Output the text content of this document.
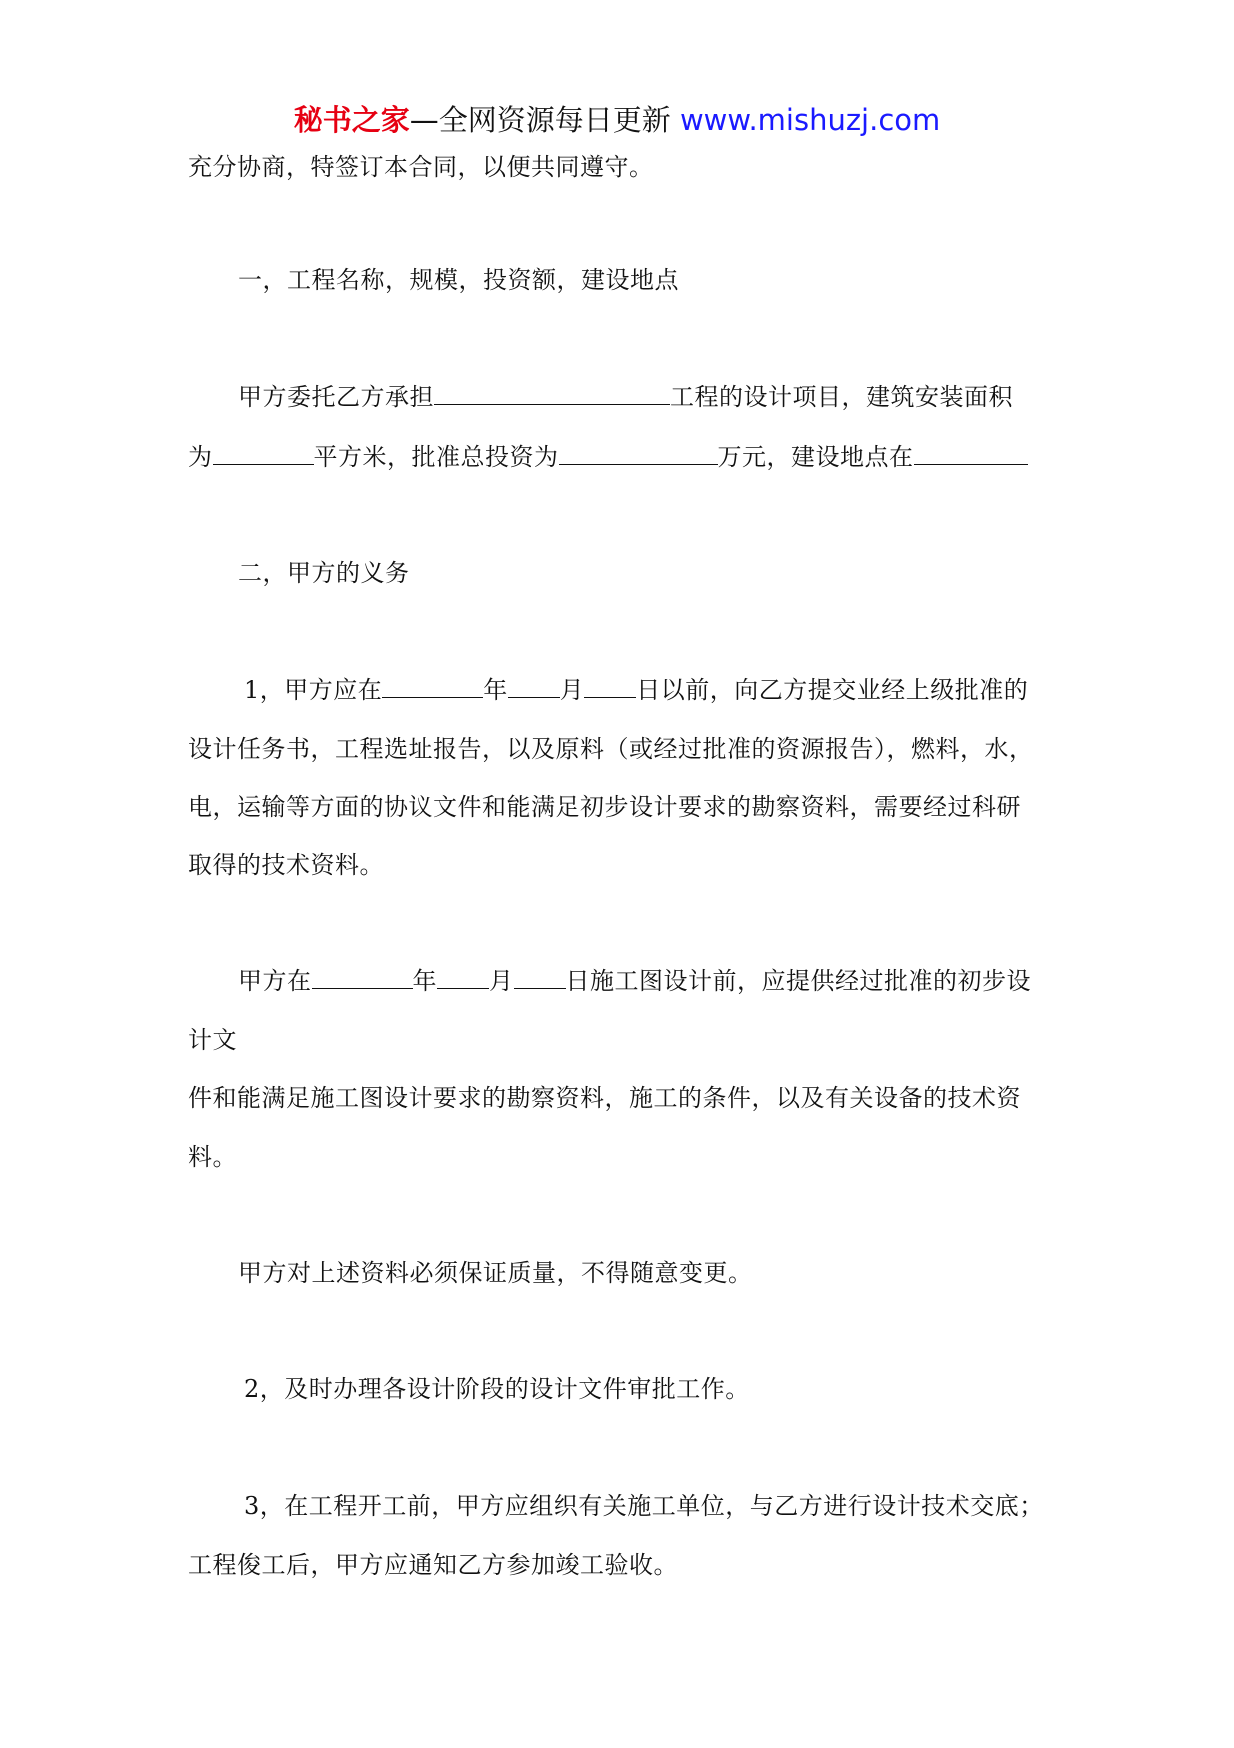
秘书之家—全网资源每日更新 www.mishuzj.com
充分协商，特签订本合同，以便共同遵守。
一，工程名称，规模，投资额，建设地点
甲方委托乙方承担	工程的设计项目，建筑安装面积
为	平方米，批准总投资为	万元，建设地点在
二，甲方的义务
1，甲方应在	年 月 日以前，向乙方提交业经上级批准的
设计任务书，工程选址报告，以及原料（或经过批准的资源报告），燃料，水，
电，运输等方面的协议文件和能满足初步设计要求的勘察资料，需要经过科研
取得的技术资料。
甲方在	年 月 日施工图设计前，应提供经过批准的初步设
计文
件和能满足施工图设计要求的勘察资料，施工的条件，以及有关设备的技术资
料。
甲方对上述资料必须保证质量，不得随意变更。
2，及时办理各设计阶段的设计文件审批工作。
3，在工程开工前，甲方应组织有关施工单位，与乙方进行设计技术交底；
工程俊工后，甲方应通知乙方参加竣工验收。
